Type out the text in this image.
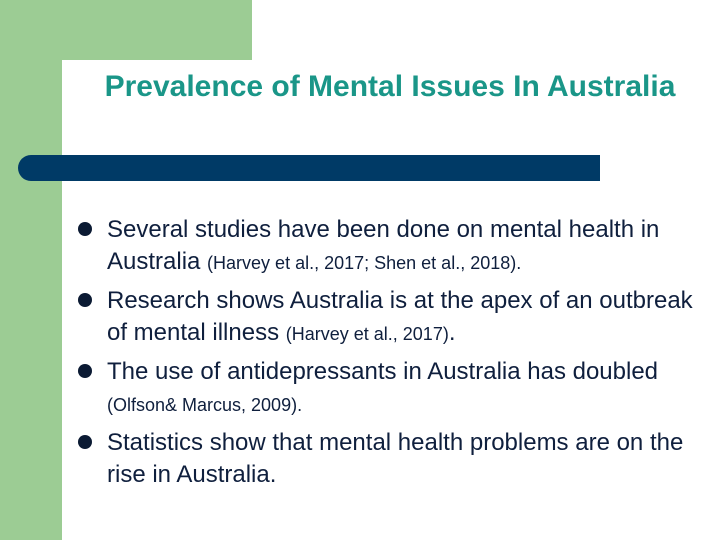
Prevalence of Mental Issues In Australia
Several studies have been done on mental health in Australia (Harvey et al., 2017; Shen et al., 2018).
Research shows Australia is at the apex of an outbreak of mental illness (Harvey et al., 2017).
The use of antidepressants in Australia has doubled (Olfson& Marcus, 2009).
Statistics show that mental health problems are on the rise in Australia.
